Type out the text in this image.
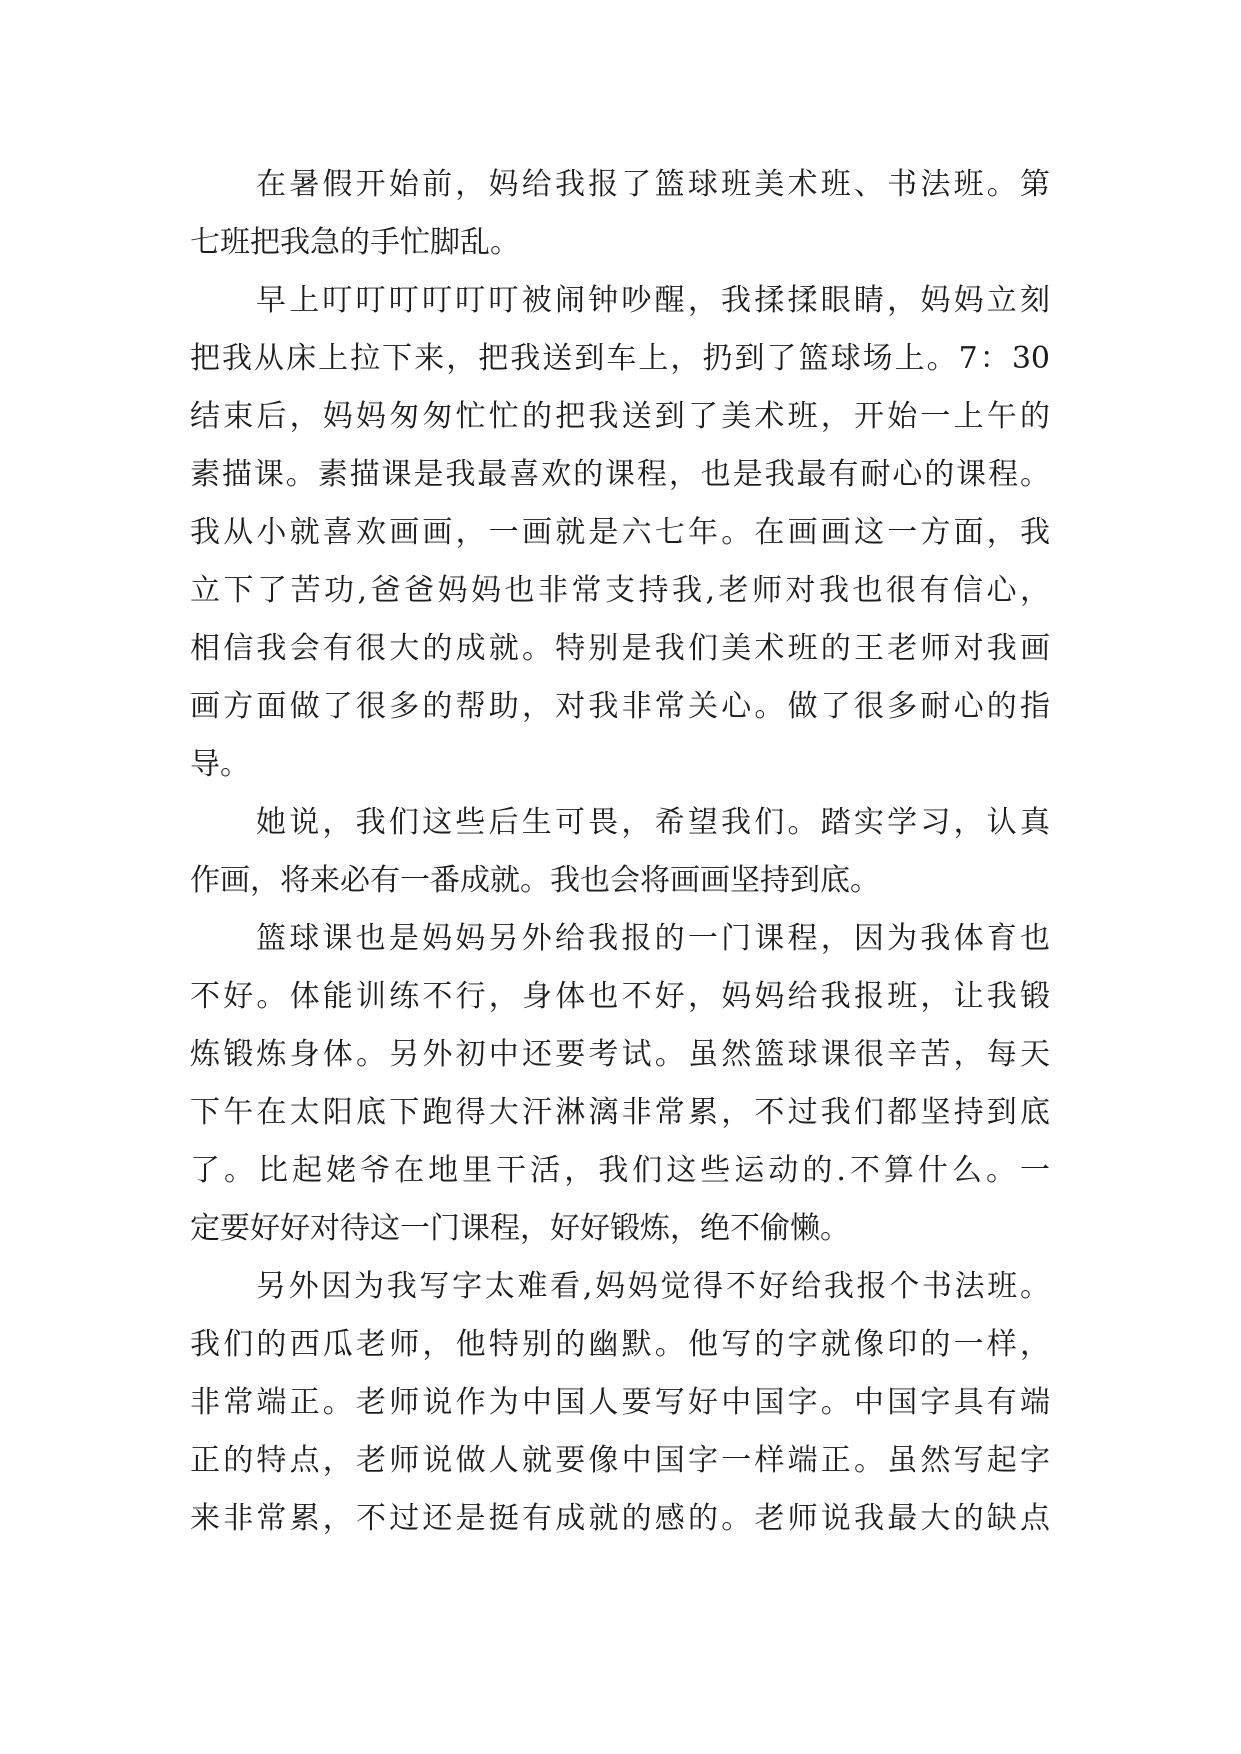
在暑假开始前，妈给我报了篮球班美术班、书法班。第
七班把我急的手忙脚乱。
早上叮叮叮叮叮叮被闹钟吵醒，我揉揉眼睛，妈妈立刻
把我从床上拉下来，把我送到车上，扔到了篮球场上。7：30
结束后，妈妈匆匆忙忙的把我送到了美术班，开始一上午的
素描课。素描课是我最喜欢的课程，也是我最有耐心的课程。
我从小就喜欢画画，一画就是六七年。在画画这一方面，我
立下了苦功,爸爸妈妈也非常支持我,老师对我也很有信心，
相信我会有很大的成就。特别是我们美术班的王老师对我画
画方面做了很多的帮助，对我非常关心。做了很多耐心的指
导。
她说，我们这些后生可畏，希望我们。踏实学习，认真
作画，将来必有一番成就。我也会将画画坚持到底。
篮球课也是妈妈另外给我报的一门课程，因为我体育也
不好。体能训练不行，身体也不好，妈妈给我报班，让我锻
炼锻炼身体。另外初中还要考试。虽然篮球课很辛苦，每天
下午在太阳底下跑得大汗淋漓非常累，不过我们都坚持到底
了。比起姥爷在地里干活，我们这些运动的.不算什么。一
定要好好对待这一门课程，好好锻炼，绝不偷懒。
另外因为我写字太难看,妈妈觉得不好给我报个书法班。
我们的西瓜老师，他特别的幽默。他写的字就像印的一样，
非常端正。老师说作为中国人要写好中国字。中国字具有端
正的特点，老师说做人就要像中国字一样端正。虽然写起字
来非常累，不过还是挺有成就的感的。老师说我最大的缺点
